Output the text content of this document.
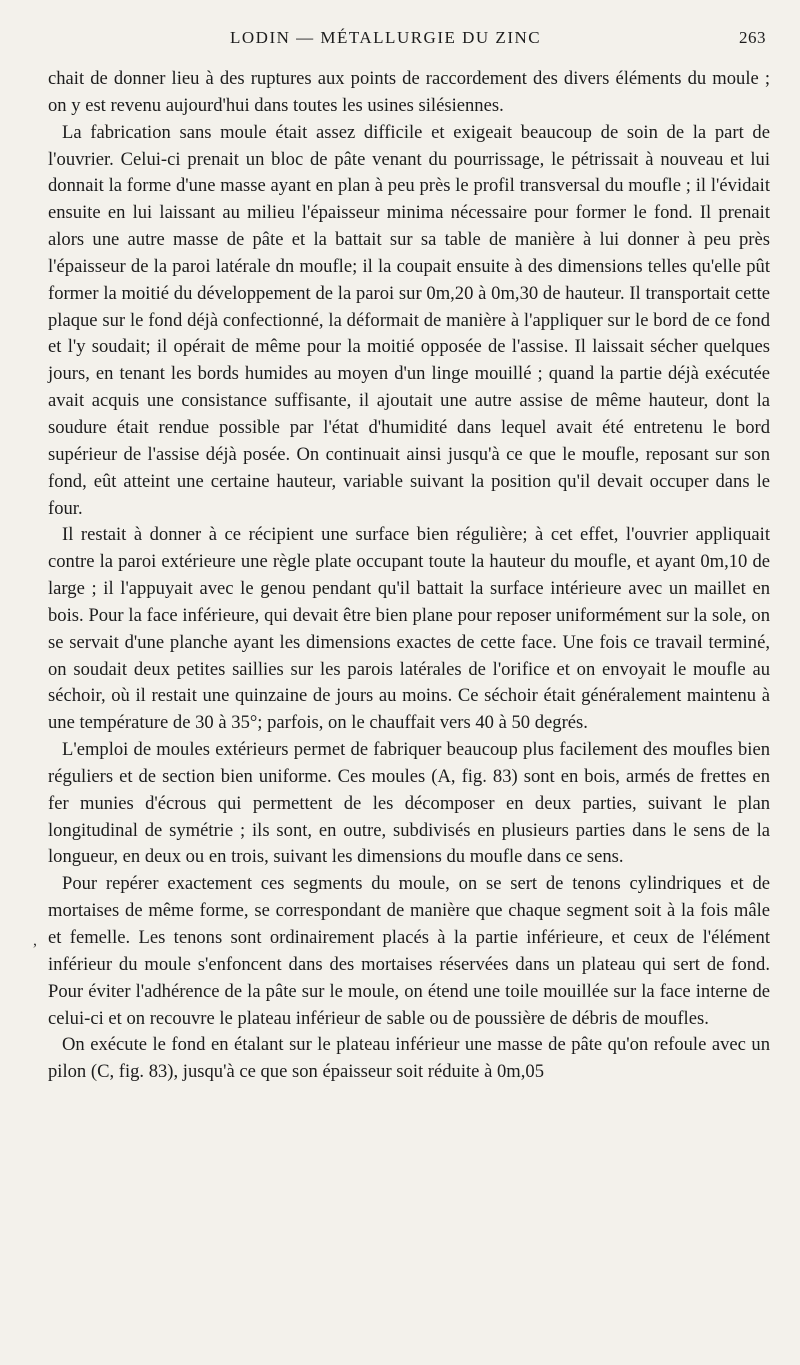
LODIN — MÉTALLURGIE DU ZINC	263

chait de donner lieu à des ruptures aux points de raccordement des divers éléments du moule ; on y est revenu aujourd'hui dans toutes les usines silésiennes.

La fabrication sans moule était assez difficile et exigeait beaucoup de soin de la part de l'ouvrier. Celui-ci prenait un bloc de pâte venant du pourrissage, le pétrissait à nouveau et lui donnait la forme d'une masse ayant en plan à peu près le profil transversal du moufle ; il l'évidait ensuite en lui laissant au milieu l'épaisseur minima nécessaire pour former le fond. Il prenait alors une autre masse de pâte et la battait sur sa table de manière à lui donner à peu près l'épaisseur de la paroi latérale dn moufle; il la coupait ensuite à des dimensions telles qu'elle pût former la moitié du développement de la paroi sur 0m,20 à 0m,30 de hauteur. Il transportait cette plaque sur le fond déjà confectionné, la déformait de manière à l'appliquer sur le bord de ce fond et l'y soudait; il opérait de même pour la moitié opposée de l'assise. Il laissait sécher quelques jours, en tenant les bords humides au moyen d'un linge mouillé ; quand la partie déjà exécutée avait acquis une consistance suffisante, il ajoutait une autre assise de même hauteur, dont la soudure était rendue possible par l'état d'humidité dans lequel avait été entretenu le bord supérieur de l'assise déjà posée. On continuait ainsi jusqu'à ce que le moufle, reposant sur son fond, eût atteint une certaine hauteur, variable suivant la position qu'il devait occuper dans le four.

Il restait à donner à ce récipient une surface bien régulière; à cet effet, l'ouvrier appliquait contre la paroi extérieure une règle plate occupant toute la hauteur du moufle, et ayant 0m,10 de large ; il l'appuyait avec le genou pendant qu'il battait la surface intérieure avec un maillet en bois. Pour la face inférieure, qui devait être bien plane pour reposer uniformément sur la sole, on se servait d'une planche ayant les dimensions exactes de cette face. Une fois ce travail terminé, on soudait deux petites saillies sur les parois latérales de l'orifice et on envoyait le moufle au séchoir, où il restait une quinzaine de jours au moins. Ce séchoir était généralement maintenu à une température de 30 à 35°; parfois, on le chauffait vers 40 à 50 degrés.

L'emploi de moules extérieurs permet de fabriquer beaucoup plus facilement des moufles bien réguliers et de section bien uniforme. Ces moules (A, fig. 83) sont en bois, armés de frettes en fer munies d'écrous qui permettent de les décomposer en deux parties, suivant le plan longitudinal de symétrie ; ils sont, en outre, subdivisés en plusieurs parties dans le sens de la longueur, en deux ou en trois, suivant les dimensions du moufle dans ce sens.

Pour repérer exactement ces segments du moule, on se sert de tenons cylindriques et de mortaises de même forme, se correspondant de manière que chaque segment soit à la fois mâle et femelle. Les tenons sont ordinairement placés à la partie inférieure, et ceux de l'élément inférieur du moule s'enfoncent dans des mortaises réservées dans un plateau qui sert de fond. Pour éviter l'adhérence de la pâte sur le moule, on étend une toile mouillée sur la face interne de celui-ci et on recouvre le plateau inférieur de sable ou de poussière de débris de moufles.

On exécute le fond en étalant sur le plateau inférieur une masse de pâte qu'on refoule avec un pilon (C, fig. 83), jusqu'à ce que son épaisseur soit réduite à 0m,05

,
